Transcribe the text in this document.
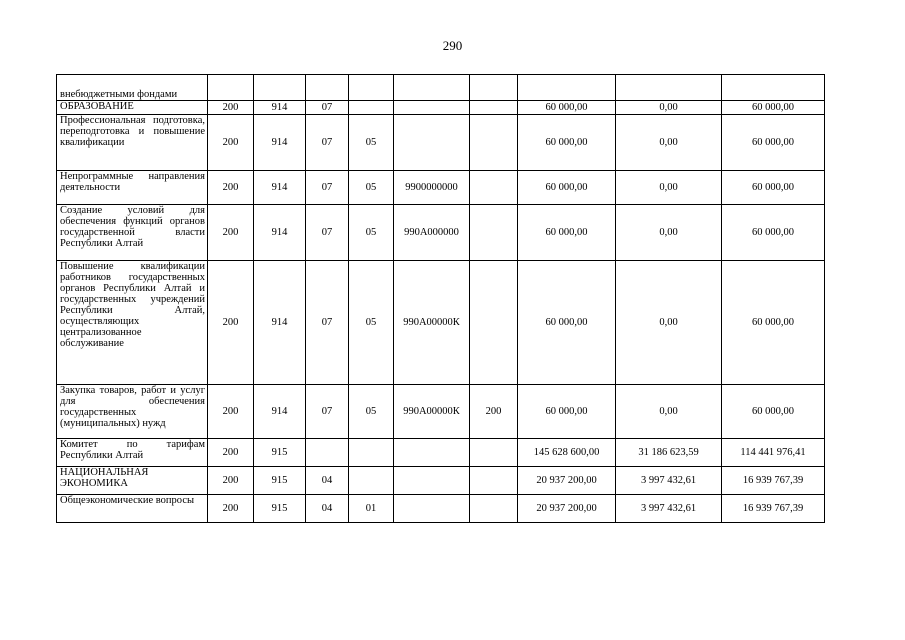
290
внебюджетными фондами									
ОБРАЗОВАНИЕ	200	914	07				60 000,00	0,00	60 000,00
Профессиональная подготовка, переподготовка и повышение квалификации	200	914	07	05			60 000,00	0,00	60 000,00
Непрограммные направления деятельности	200	914	07	05	9900000000		60 000,00	0,00	60 000,00
Создание условий для обеспечения функций органов государственной власти Республики Алтай	200	914	07	05	990А000000		60 000,00	0,00	60 000,00
Повышение квалификации работников государственных органов Республики Алтай и государственных учреждений Республики Алтай, осуществляющих централизованное обслуживание	200	914	07	05	990А00000К		60 000,00	0,00	60 000,00
Закупка товаров, работ и услуг для обеспечения государственных (муниципальных) нужд	200	914	07	05	990А00000К	200	60 000,00	0,00	60 000,00
Комитет по тарифам Республики Алтай	200	915					145 628 600,00	31 186 623,59	114 441 976,41
НАЦИОНАЛЬНАЯ ЭКОНОМИКА	200	915	04				20 937 200,00	3 997 432,61	16 939 767,39
Общеэкономические вопросы	200	915	04	01			20 937 200,00	3 997 432,61	16 939 767,39
